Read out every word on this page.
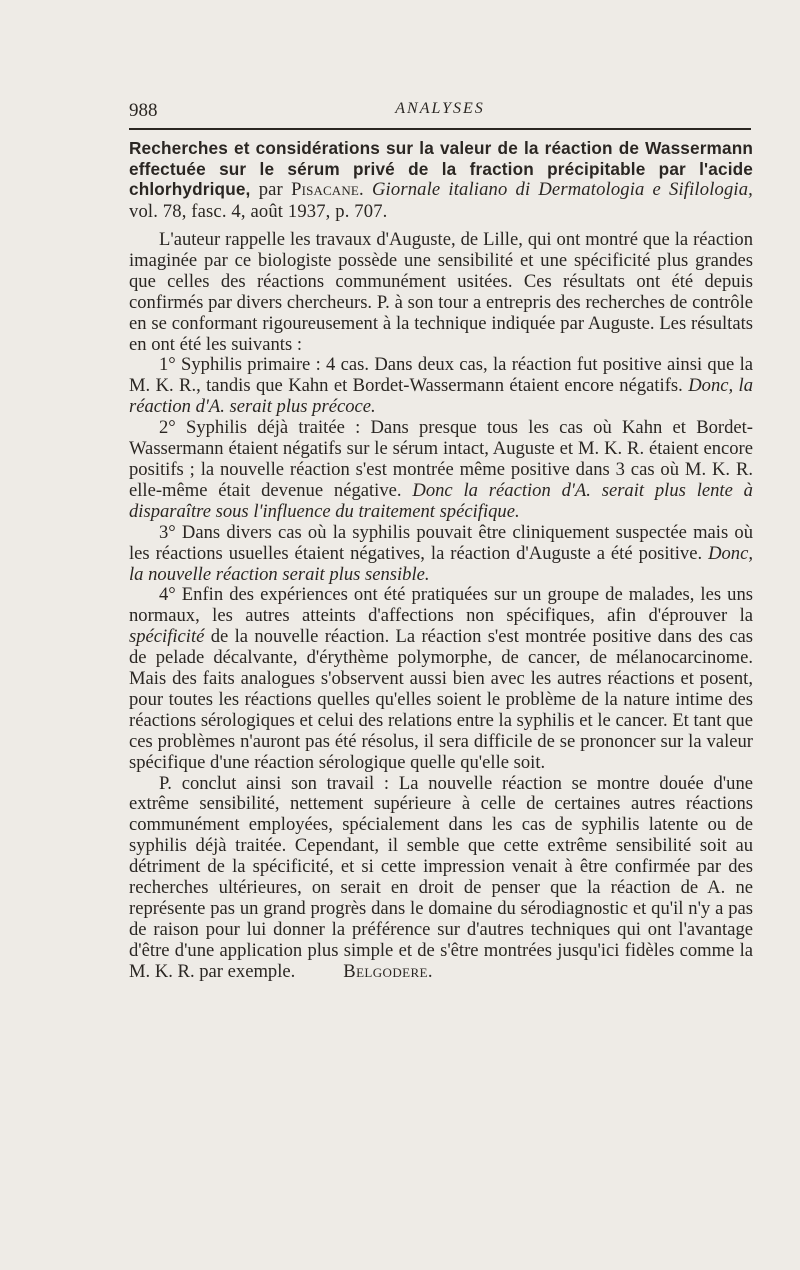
988	ANALYSES

Recherches et considérations sur la valeur de la réaction de Wassermann effectuée sur le sérum privé de la fraction précipitable par l'acide chlorhydrique, par Pisacane. Giornale italiano di Dermatologia e Sifilologia, vol. 78, fasc. 4, août 1937, p. 707.

L'auteur rappelle les travaux d'Auguste, de Lille, qui ont montré que la réaction imaginée par ce biologiste possède une sensibilité et une spécificité plus grandes que celles des réactions communément usitées. Ces résultats ont été depuis confirmés par divers chercheurs. P. à son tour a entrepris des recherches de contrôle en se conformant rigoureusement à la technique indiquée par Auguste. Les résultats en ont été les suivants :

1° Syphilis primaire : 4 cas. Dans deux cas, la réaction fut positive ainsi que la M. K. R., tandis que Kahn et Bordet-Wassermann étaient encore négatifs. Donc, la réaction d'A. serait plus précoce.

2° Syphilis déjà traitée : Dans presque tous les cas où Kahn et Bordet-Wassermann étaient négatifs sur le sérum intact, Auguste et M. K. R. étaient encore positifs ; la nouvelle réaction s'est montrée même positive dans 3 cas où M. K. R. elle-même était devenue négative. Donc la réaction d'A. serait plus lente à disparaître sous l'influence du traitement spécifique.

3° Dans divers cas où la syphilis pouvait être cliniquement suspectée mais où les réactions usuelles étaient négatives, la réaction d'Auguste a été positive. Donc, la nouvelle réaction serait plus sensible.

4° Enfin des expériences ont été pratiquées sur un groupe de malades, les uns normaux, les autres atteints d'affections non spécifiques, afin d'éprouver la spécificité de la nouvelle réaction. La réaction s'est montrée positive dans des cas de pelade décalvante, d'érythème polymorphe, de cancer, de mélanocarcinome. Mais des faits analogues s'observent aussi bien avec les autres réactions et posent, pour toutes les réactions quelles qu'elles soient le problème de la nature intime des réactions sérologiques et celui des relations entre la syphilis et le cancer. Et tant que ces problèmes n'auront pas été résolus, il sera difficile de se prononcer sur la valeur spécifique d'une réaction sérologique quelle qu'elle soit.

P. conclut ainsi son travail : La nouvelle réaction se montre douée d'une extrême sensibilité, nettement supérieure à celle de certaines autres réactions communément employées, spécialement dans les cas de syphilis latente ou de syphilis déjà traitée. Cependant, il semble que cette extrême sensibilité soit au détriment de la spécificité, et si cette impression venait à être confirmée par des recherches ultérieures, on serait en droit de penser que la réaction de A. ne représente pas un grand progrès dans le domaine du sérodiagnostic et qu'il n'y a pas de raison pour lui donner la préférence sur d'autres techniques qui ont l'avantage d'être d'une application plus simple et de s'être montrées jusqu'ici fidèles comme la M. K. R. par exemple.	Belgodere.
